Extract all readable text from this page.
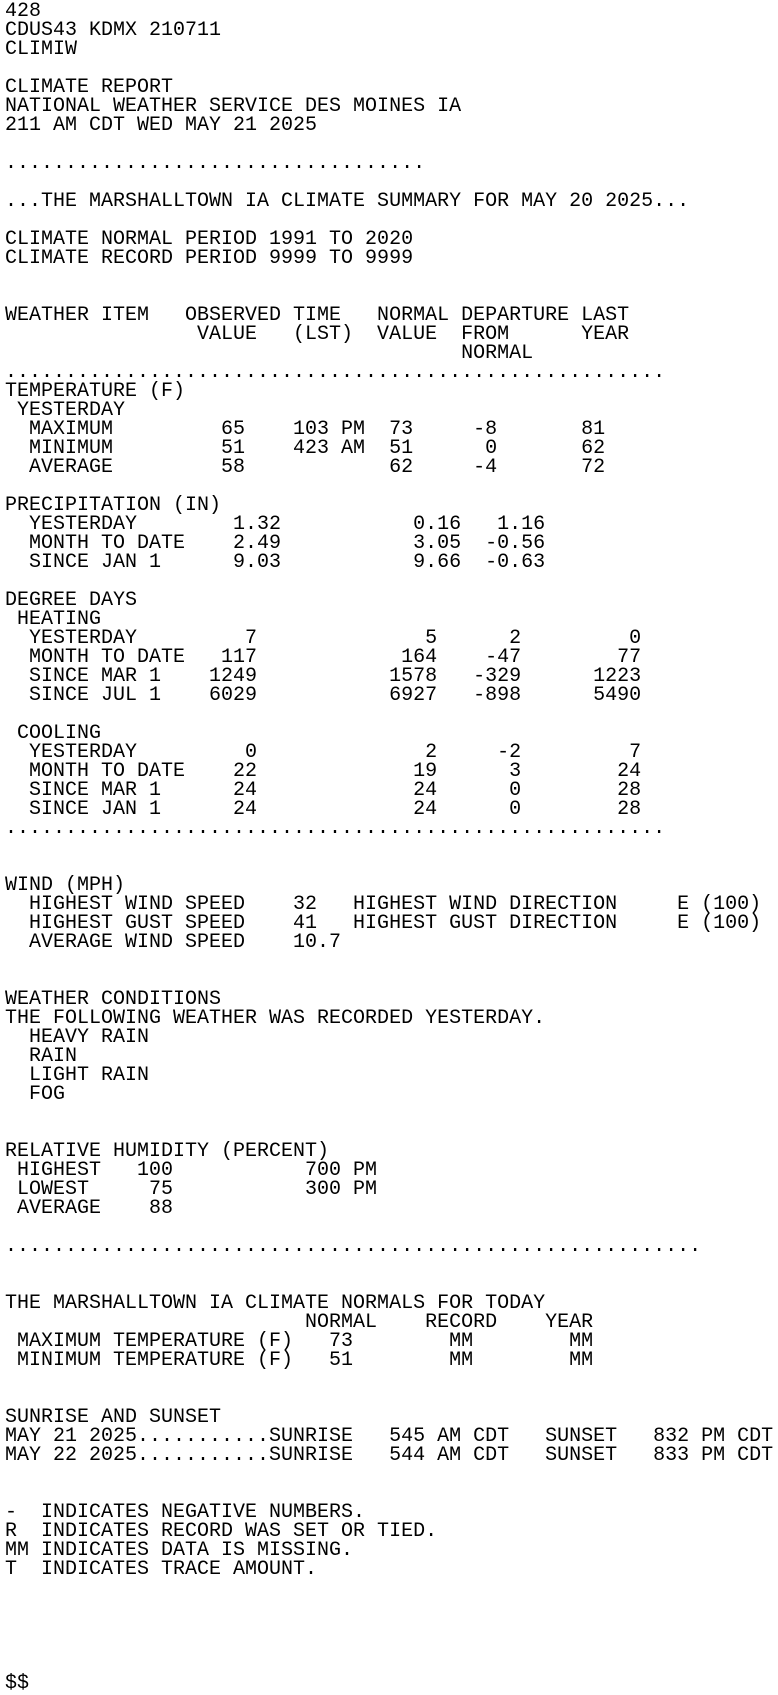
428
CDUS43 KDMX 210711
CLIMIW

CLIMATE REPORT
NATIONAL WEATHER SERVICE DES MOINES IA
211 AM CDT WED MAY 21 2025

...................................

...THE MARSHALLTOWN IA CLIMATE SUMMARY FOR MAY 20 2025...

CLIMATE NORMAL PERIOD 1991 TO 2020
CLIMATE RECORD PERIOD 9999 TO 9999

WEATHER ITEM   OBSERVED TIME   NORMAL DEPARTURE LAST
VALUE   (LST)  VALUE  FROM      YEAR
NORMAL
.......................................................
TEMPERATURE (F)
YESTERDAY
MAXIMUM         65    103 PM  73     -8       81
MINIMUM         51    423 AM  51      0       62
AVERAGE         58            62     -4       72

PRECIPITATION (IN)
YESTERDAY        1.32           0.16   1.16
MONTH TO DATE    2.49           3.05  -0.56
SINCE JAN 1      9.03           9.66  -0.63

DEGREE DAYS
HEATING
YESTERDAY         7              5      2         0
MONTH TO DATE   117            164    -47        77
SINCE MAR 1    1249           1578   -329      1223
SINCE JUL 1    6029           6927   -898      5490

COOLING
YESTERDAY         0              2     -2         7
MONTH TO DATE    22             19      3        24
SINCE MAR 1      24             24      0        28
SINCE JAN 1      24             24      0        28
.......................................................

WIND (MPH)
HIGHEST WIND SPEED    32   HIGHEST WIND DIRECTION     E (100)
HIGHEST GUST SPEED    41   HIGHEST GUST DIRECTION     E (100)
AVERAGE WIND SPEED    10.7

WEATHER CONDITIONS
THE FOLLOWING WEATHER WAS RECORDED YESTERDAY.
HEAVY RAIN
RAIN
LIGHT RAIN
FOG

RELATIVE HUMIDITY (PERCENT)
HIGHEST   100           700 PM
LOWEST     75           300 PM
AVERAGE    88

..........................................................

THE MARSHALLTOWN IA CLIMATE NORMALS FOR TODAY
NORMAL    RECORD    YEAR
MAXIMUM TEMPERATURE (F)   73        MM        MM
MINIMUM TEMPERATURE (F)   51        MM        MM

SUNRISE AND SUNSET
MAY 21 2025...........SUNRISE   545 AM CDT   SUNSET   832 PM CDT
MAY 22 2025...........SUNRISE   544 AM CDT   SUNSET   833 PM CDT

-  INDICATES NEGATIVE NUMBERS.
R  INDICATES RECORD WAS SET OR TIED.
MM INDICATES DATA IS MISSING.
T  INDICATES TRACE AMOUNT.

$$
